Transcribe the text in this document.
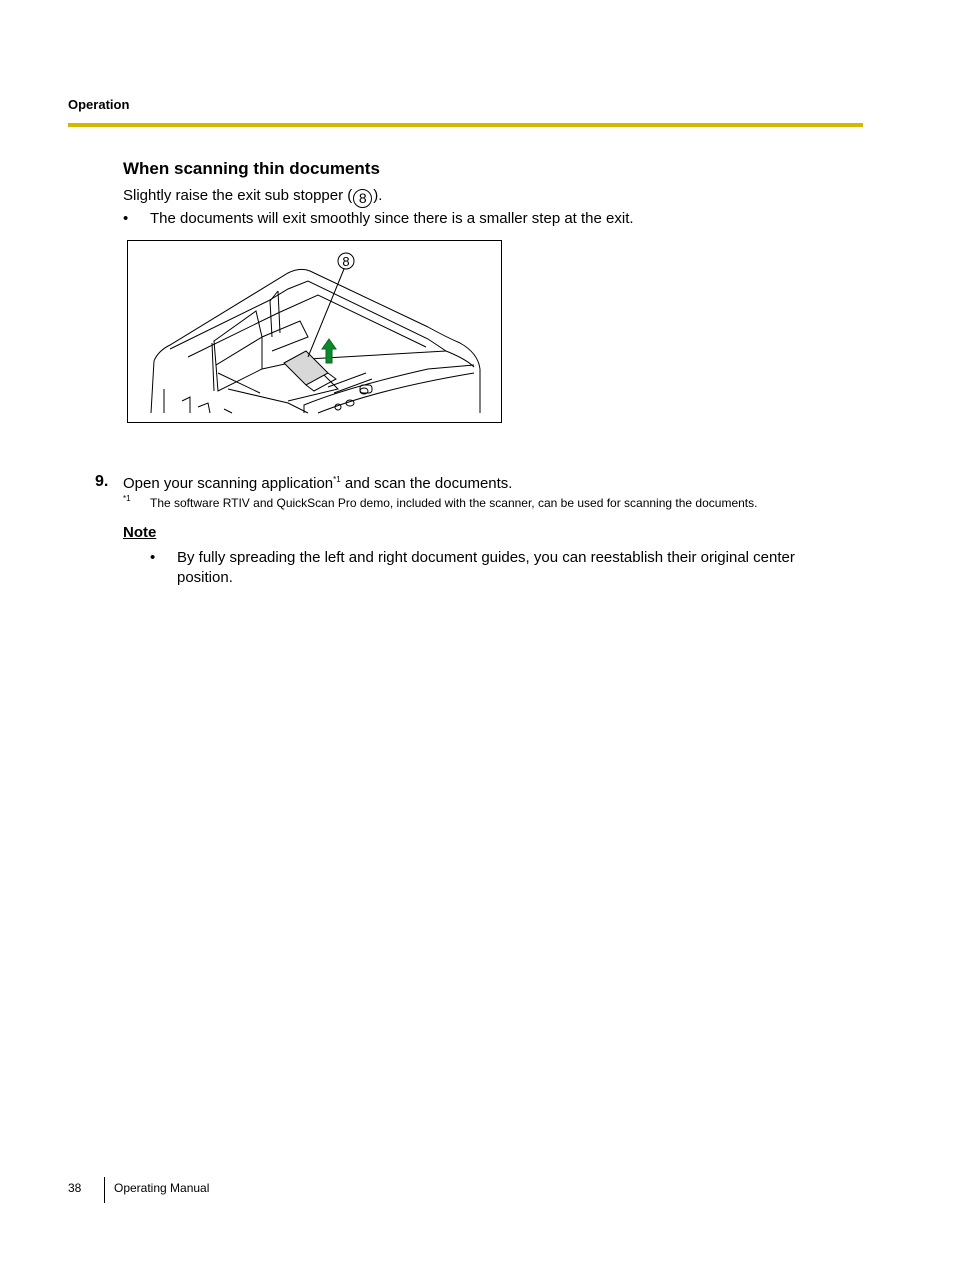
Operation
When scanning thin documents
Slightly raise the exit sub stopper ( 8 ).
• The documents will exit smoothly since there is a smaller step at the exit.
8
9. Open your scanning application$^{*1}$ and scan the documents.
*1 The software RTIV and QuickScan Pro demo, included with the scanner, can be used for scanning the documents.
Note
• By fully spreading the left and right document guides, you can reestablish their original center position.
38	Operating Manual
